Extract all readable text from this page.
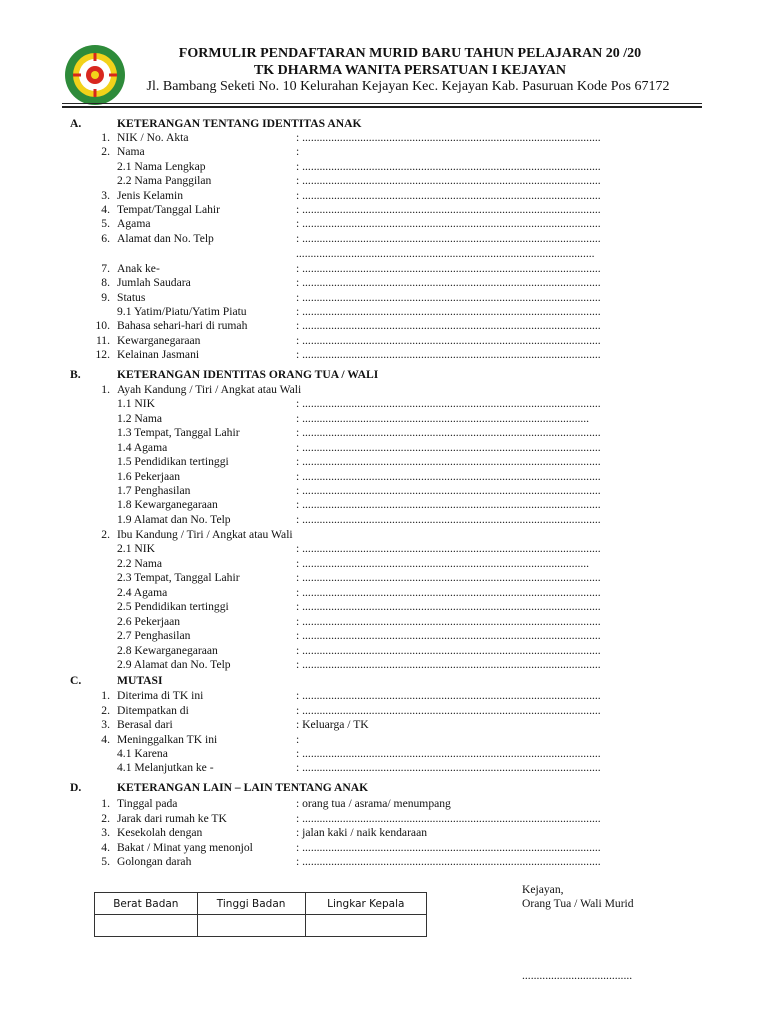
FORMULIR PENDAFTARAN MURID BARU TAHUN PELAJARAN 20 /20
TK DHARMA WANITA PERSATUAN I KEJAYAN
Jl. Bambang Seketi No. 10 Kelurahan Kejayan Kec. Kejayan Kab. Pasuruan Kode Pos 67172
A.	KETERANGAN TENTANG IDENTITAS ANAK
1. NIK / No. Akta	: .......................................................................................................
2. Nama	:
2.1 Nama Lengkap	: .......................................................................................................
2.2 Nama Panggilan	: .......................................................................................................
3. Jenis Kelamin	: .......................................................................................................
4. Tempat/Tanggal Lahir	: .......................................................................................................
5. Agama	: .......................................................................................................
6. Alamat dan No. Telp	: .......................................................................................................
.......................................................................................................
7. Anak ke-	: .......................................................................................................
8. Jumlah Saudara	: .......................................................................................................
9. Status	: .......................................................................................................
9.1 Yatim/Piatu/Yatim Piatu	: .......................................................................................................
10. Bahasa sehari-hari di rumah	: .......................................................................................................
11. Kewarganegaraan	: .......................................................................................................
12. Kelainan Jasmani	: .......................................................................................................
B.	KETERANGAN IDENTITAS ORANG TUA / WALI
1. Ayah Kandung / Tiri / Angkat atau Wali
1.1 NIK	: .......................................................................................................
1.2 Nama	: ...................................................................................................
1.3 Tempat, Tanggal Lahir	: .......................................................................................................
1.4 Agama	: .......................................................................................................
1.5 Pendidikan tertinggi	: .......................................................................................................
1.6 Pekerjaan	: .......................................................................................................
1.7 Penghasilan	: .......................................................................................................
1.8 Kewarganegaraan	: .......................................................................................................
1.9 Alamat dan No. Telp	: .......................................................................................................
2. Ibu Kandung / Tiri / Angkat atau Wali
2.1 NIK	: .......................................................................................................
2.2 Nama	: ...................................................................................................
2.3 Tempat, Tanggal Lahir	: .......................................................................................................
2.4 Agama	: .......................................................................................................
2.5 Pendidikan tertinggi	: .......................................................................................................
2.6 Pekerjaan	: .......................................................................................................
2.7 Penghasilan	: .......................................................................................................
2.8 Kewarganegaraan	: .......................................................................................................
2.9 Alamat dan No. Telp	: .......................................................................................................
C.	MUTASI
1. Diterima di TK ini	: .......................................................................................................
2. Ditempatkan di	: .......................................................................................................
3. Berasal dari	: Keluarga / TK
4. Meninggalkan TK ini	:
4.1 Karena	: .......................................................................................................
4.1 Melanjutkan ke -	: .......................................................................................................
D.	KETERANGAN LAIN – LAIN TENTANG ANAK
1. Tinggal pada	: orang tua / asrama/ menumpang
2. Jarak dari rumah ke TK	: .......................................................................................................
3. Kesekolah dengan	: jalan kaki / naik kendaraan
4. Bakat / Minat yang menonjol	: .......................................................................................................
5. Golongan darah	: .......................................................................................................
Berat Badan	Tinggi Badan	Lingkar Kepala

Kejayan,
Orang Tua / Wali Murid
......................................
